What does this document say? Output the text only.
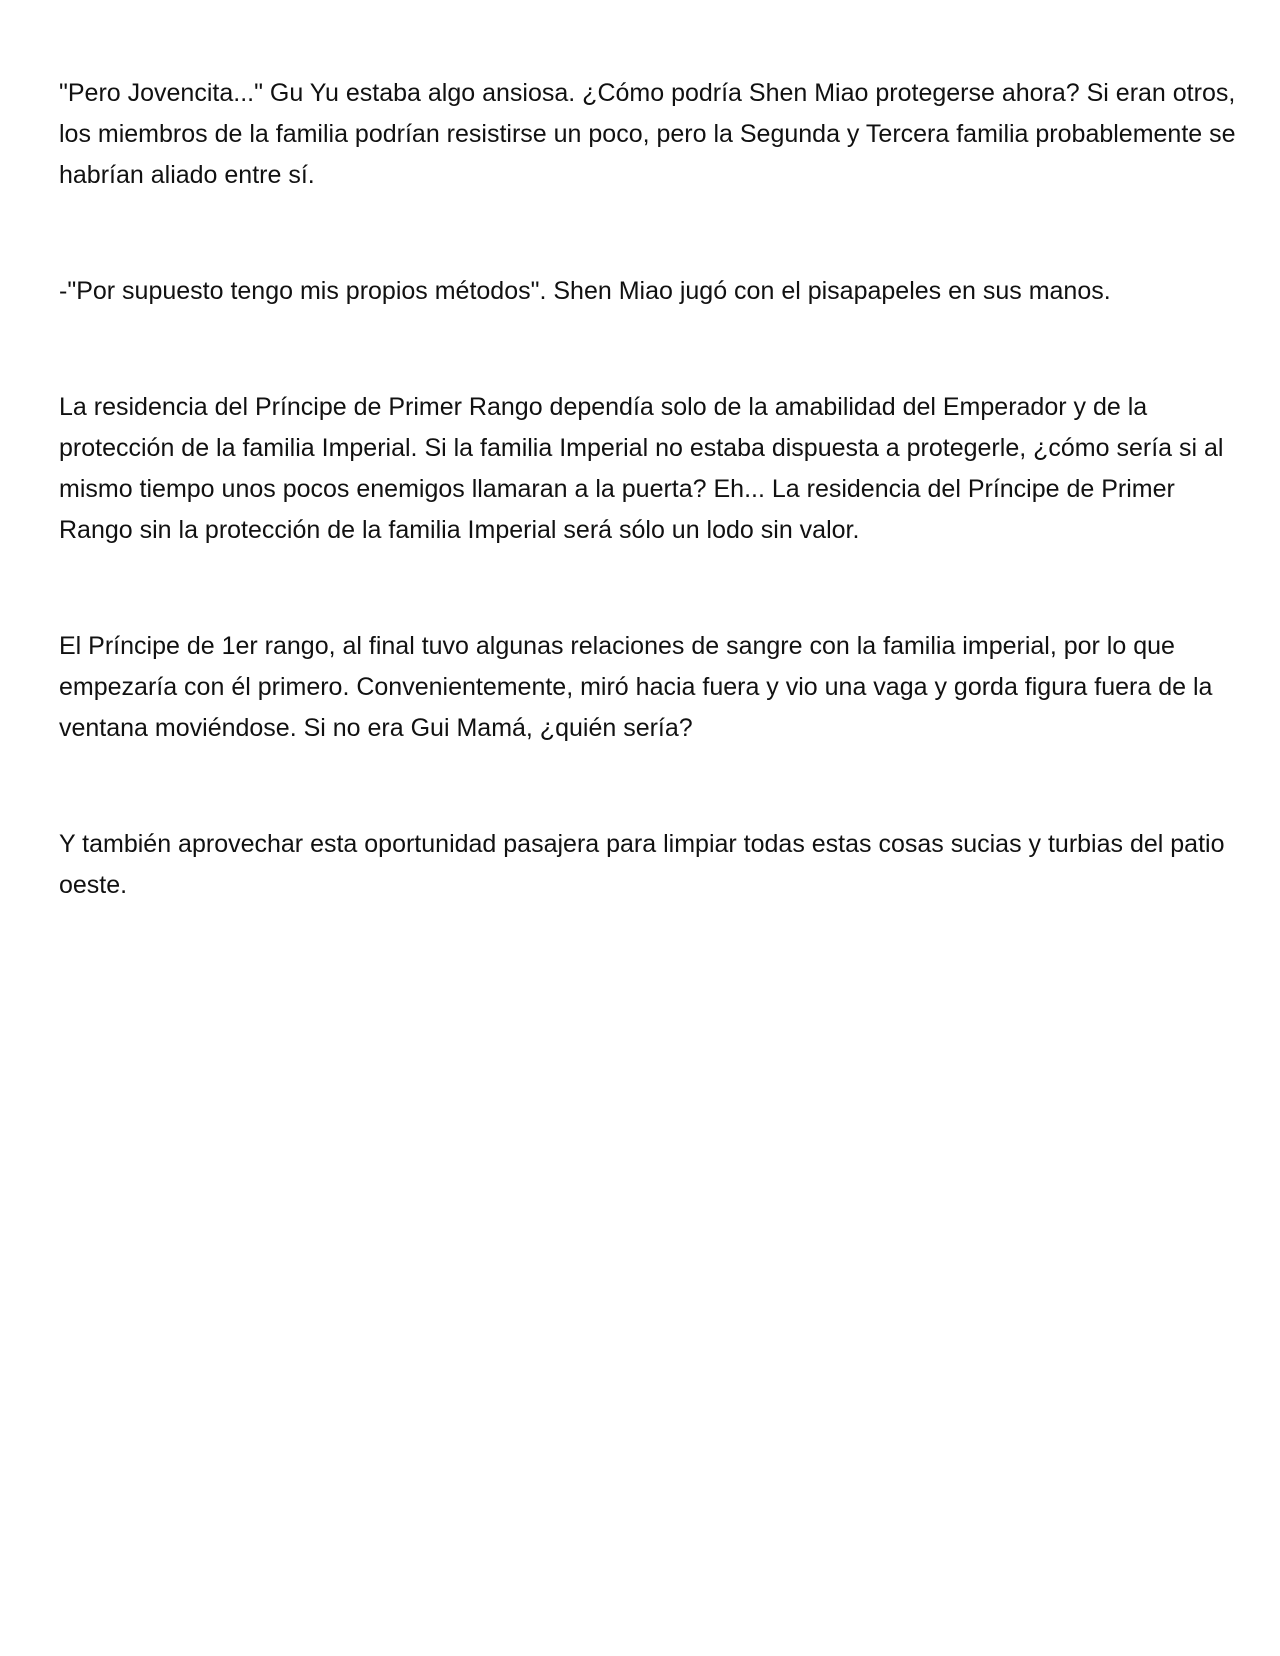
"Pero Jovencita..." Gu Yu estaba algo ansiosa. ¿Cómo podría Shen Miao protegerse ahora? Si eran otros, los miembros de la familia podrían resistirse un poco, pero la Segunda y Tercera familia probablemente se habrían aliado entre sí.

-"Por supuesto tengo mis propios métodos". Shen Miao jugó con el pisapapeles en sus manos.

La residencia del Príncipe de Primer Rango dependía solo de la amabilidad del Emperador y de la protección de la familia Imperial. Si la familia Imperial no estaba dispuesta a protegerle, ¿cómo sería si al mismo tiempo unos pocos enemigos llamaran a la puerta? Eh... La residencia del Príncipe de Primer Rango sin la protección de la familia Imperial será sólo un lodo sin valor.

El Príncipe de 1er rango, al final tuvo algunas relaciones de sangre con la familia imperial, por lo que empezaría con él primero. Convenientemente, miró hacia fuera y vio una vaga y gorda figura fuera de la ventana moviéndose. Si no era Gui Mamá, ¿quién sería?

Y también aprovechar esta oportunidad pasajera para limpiar todas estas cosas sucias y turbias del patio oeste.
